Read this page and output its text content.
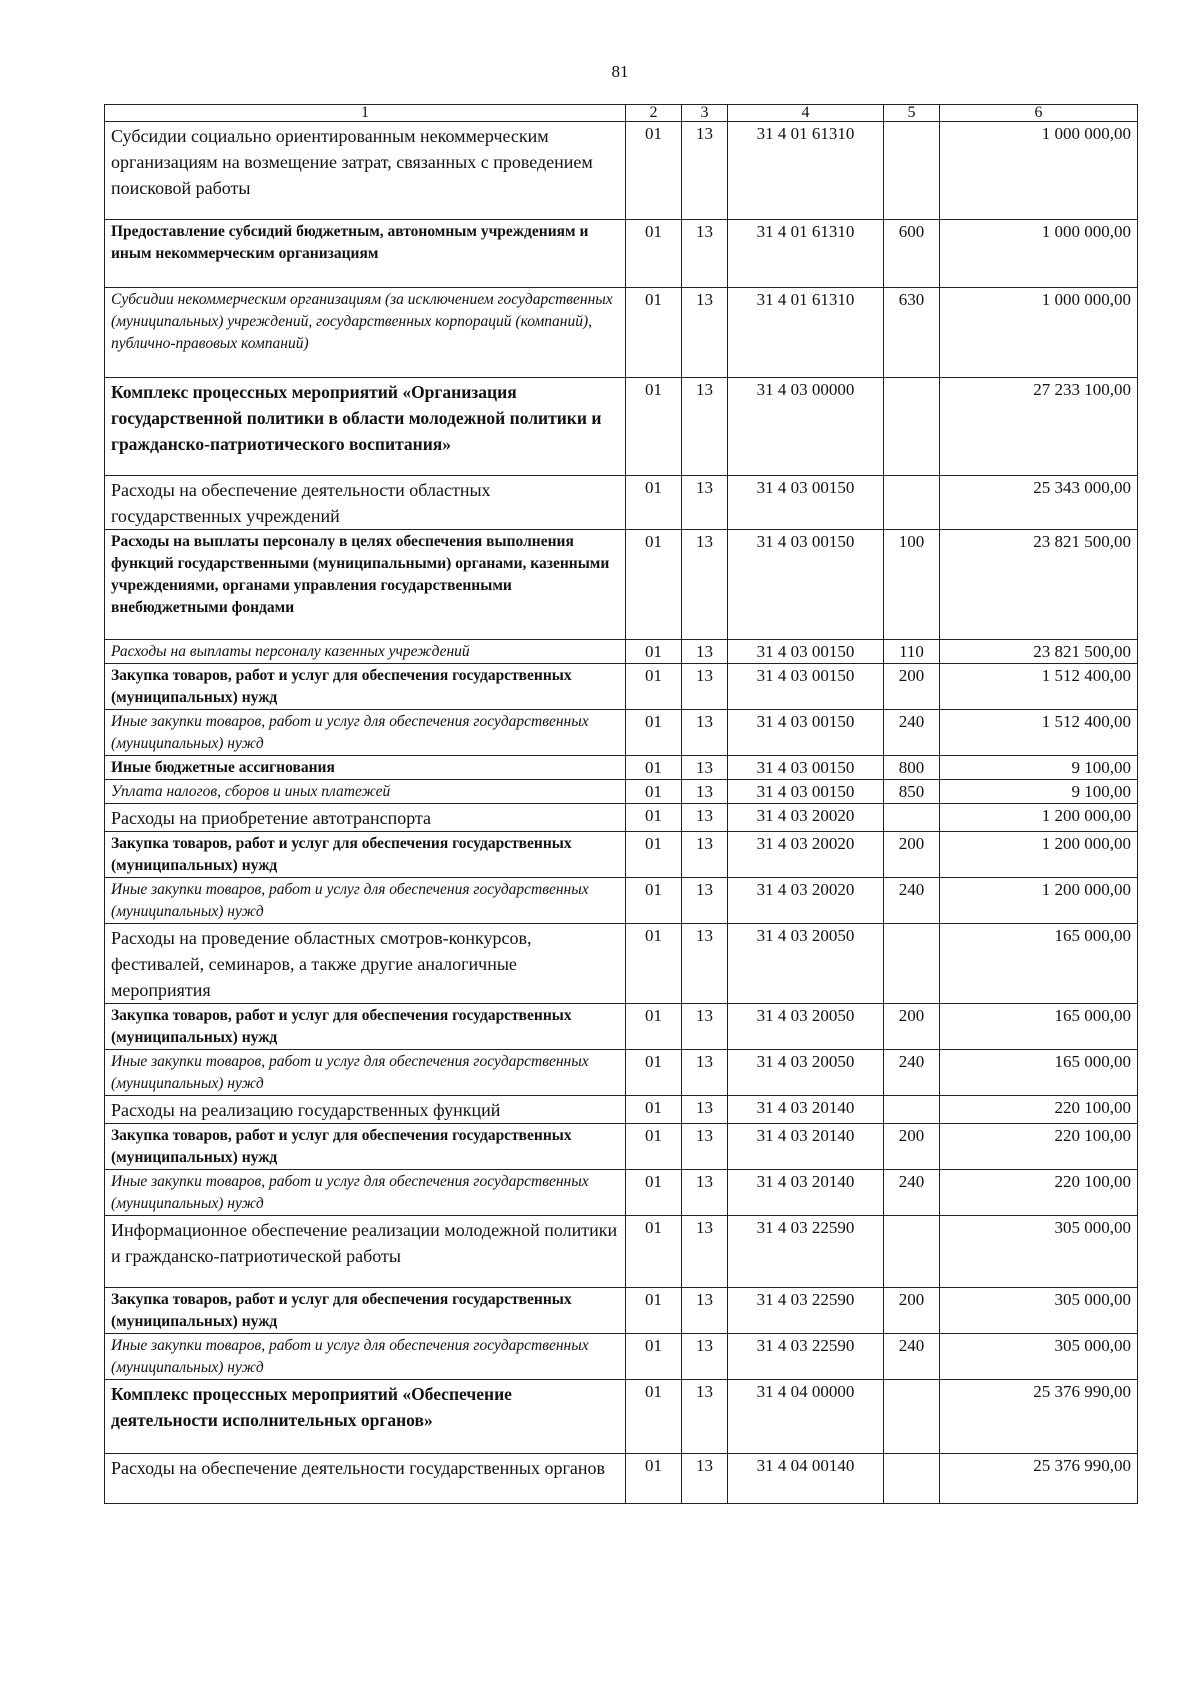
81
1	2	3	4	5	6
Субсидии социально ориентированным некоммерческим организациям на возмещение затрат, связанных с проведением поисковой работы	01	13	31 4 01 61310		1 000 000,00
Предоставление субсидий бюджетным, автономным учреждениям и иным некоммерческим организациям	01	13	31 4 01 61310	600	1 000 000,00
Субсидии некоммерческим организациям (за исключением государственных (муниципальных) учреждений, государственных корпораций (компаний), публично-правовых компаний)	01	13	31 4 01 61310	630	1 000 000,00
Комплекс процессных мероприятий «Организация государственной политики в области молодежной политики и гражданско-патриотического воспитания»	01	13	31 4 03 00000		27 233 100,00
Расходы на обеспечение деятельности областных государственных учреждений	01	13	31 4 03 00150		25 343 000,00
Расходы на выплаты персоналу в целях обеспечения выполнения функций государственными (муниципальными) органами, казенными учреждениями, органами управления государственными внебюджетными фондами	01	13	31 4 03 00150	100	23 821 500,00
Расходы на выплаты персоналу казенных учреждений	01	13	31 4 03 00150	110	23 821 500,00
Закупка товаров, работ и услуг для обеспечения государственных (муниципальных) нужд	01	13	31 4 03 00150	200	1 512 400,00
Иные закупки товаров, работ и услуг для обеспечения государственных (муниципальных) нужд	01	13	31 4 03 00150	240	1 512 400,00
Иные бюджетные ассигнования	01	13	31 4 03 00150	800	9 100,00
Уплата налогов, сборов и иных платежей	01	13	31 4 03 00150	850	9 100,00
Расходы на приобретение автотранспорта	01	13	31 4 03 20020		1 200 000,00
Закупка товаров, работ и услуг для обеспечения государственных (муниципальных) нужд	01	13	31 4 03 20020	200	1 200 000,00
Иные закупки товаров, работ и услуг для обеспечения государственных (муниципальных) нужд	01	13	31 4 03 20020	240	1 200 000,00
Расходы на проведение областных смотров-конкурсов, фестивалей, семинаров, а также другие аналогичные мероприятия	01	13	31 4 03 20050		165 000,00
Закупка товаров, работ и услуг для обеспечения государственных (муниципальных) нужд	01	13	31 4 03 20050	200	165 000,00
Иные закупки товаров, работ и услуг для обеспечения государственных (муниципальных) нужд	01	13	31 4 03 20050	240	165 000,00
Расходы на реализацию государственных функций	01	13	31 4 03 20140		220 100,00
Закупка товаров, работ и услуг для обеспечения государственных (муниципальных) нужд	01	13	31 4 03 20140	200	220 100,00
Иные закупки товаров, работ и услуг для обеспечения государственных (муниципальных) нужд	01	13	31 4 03 20140	240	220 100,00
Информационное обеспечение реализации молодежной политики и гражданско-патриотической работы	01	13	31 4 03 22590		305 000,00
Закупка товаров, работ и услуг для обеспечения государственных (муниципальных) нужд	01	13	31 4 03 22590	200	305 000,00
Иные закупки товаров, работ и услуг для обеспечения государственных (муниципальных) нужд	01	13	31 4 03 22590	240	305 000,00
Комплекс процессных мероприятий «Обеспечение деятельности исполнительных органов»	01	13	31 4 04 00000		25 376 990,00
Расходы на обеспечение деятельности государственных органов	01	13	31 4 04 00140		25 376 990,00
